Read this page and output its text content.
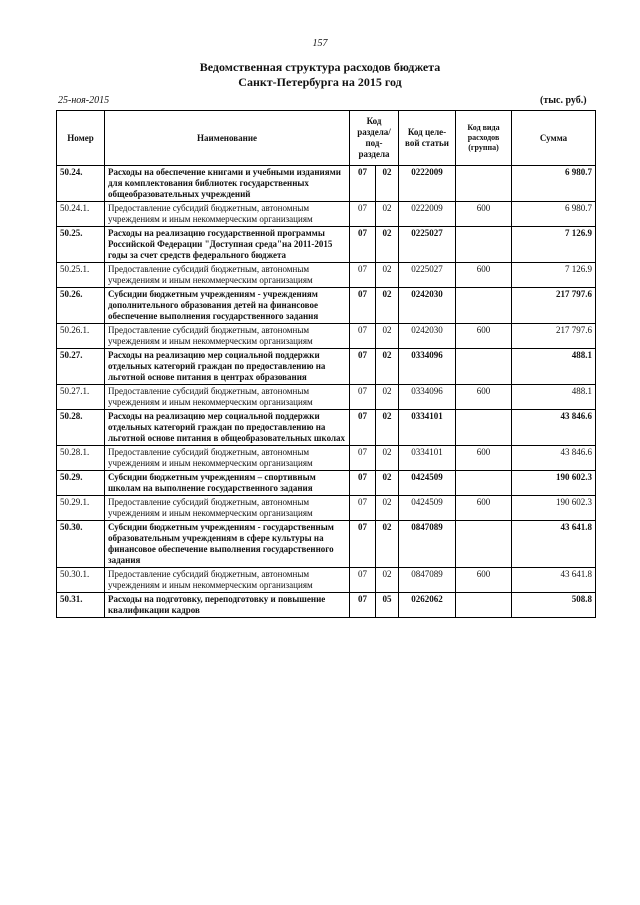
157
Ведомственная структура расходов бюджета
Санкт-Петербурга на 2015 год
25-ноя-2015	(тыс. руб.)
Номер	Наименование	Код раздела/ под- раздела		Код целе- вой статьи	Код вида расходов (группа)	Сумма
50.24.	Расходы на обеспечение книгами и учебными изданиями для комплектования библиотек государственных общеобразовательных учреждений	07	02	0222009		6 980.7
50.24.1.	Предоставление субсидий бюджетным, автономным учреждениям и иным некоммерческим организациям	07	02	0222009	600	6 980.7
50.25.	Расходы на реализацию государственной программы Российской Федерации "Доступная среда"на 2011-2015 годы за счет средств федерального бюджета	07	02	0225027		7 126.9
50.25.1.	Предоставление субсидий бюджетным, автономным учреждениям и иным некоммерческим организациям	07	02	0225027	600	7 126.9
50.26.	Субсидии бюджетным учреждениям - учреждениям дополнительного образования детей на финансовое обеспечение выполнения государственного задания	07	02	0242030		217 797.6
50.26.1.	Предоставление субсидий бюджетным, автономным учреждениям и иным некоммерческим организациям	07	02	0242030	600	217 797.6
50.27.	Расходы на реализацию мер социальной поддержки отдельных категорий граждан по предоставлению на льготной основе питания в центрах образования	07	02	0334096		488.1
50.27.1.	Предоставление субсидий бюджетным, автономным учреждениям и иным некоммерческим организациям	07	02	0334096	600	488.1
50.28.	Расходы на реализацию мер социальной поддержки отдельных категорий граждан по предоставлению на льготной основе питания в общеобразовательных школах	07	02	0334101		43 846.6
50.28.1.	Предоставление субсидий бюджетным, автономным учреждениям и иным некоммерческим организациям	07	02	0334101	600	43 846.6
50.29.	Субсидии бюджетным учреждениям – спортивным школам на выполнение государственного задания	07	02	0424509		190 602.3
50.29.1.	Предоставление субсидий бюджетным, автономным учреждениям и иным некоммерческим организациям	07	02	0424509	600	190 602.3
50.30.	Субсидии бюджетным учреждениям - государственным образовательным учреждениям в сфере культуры на финансовое обеспечение выполнения государственного задания	07	02	0847089		43 641.8
50.30.1.	Предоставление субсидий бюджетным, автономным учреждениям и иным некоммерческим организациям	07	02	0847089	600	43 641.8
50.31.	Расходы на подготовку, переподготовку и повышение квалификации кадров	07	05	0262062		508.8
